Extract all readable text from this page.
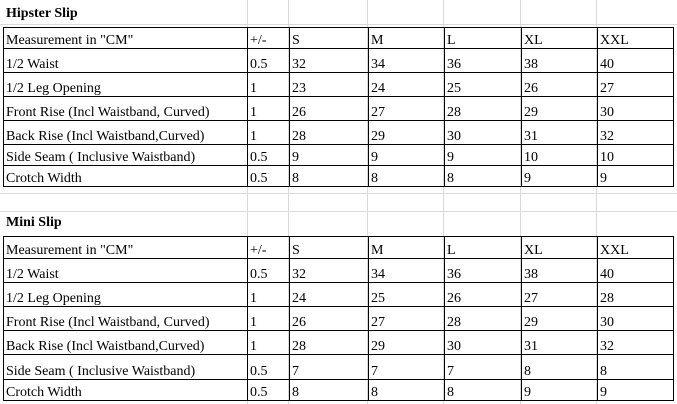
Hipster Slip
Measurement in "CM"	+/-	S	M	L	XL	XXL
1/2 Waist	0.5	32	34	36	38	40
1/2 Leg Opening	1	23	24	25	26	27
Front Rise (Incl Waistband, Curved)	1	26	27	28	29	30
Back Rise (Incl Waistband,Curved)	1	28	29	30	31	32
Side Seam ( Inclusive Waistband)	0.5	9	9	9	10	10
Crotch Width	0.5	8	8	8	9	9
Mini Slip
Measurement in "CM"	+/-	S	M	L	XL	XXL
1/2 Waist	0.5	32	34	36	38	40
1/2 Leg Opening	1	24	25	26	27	28
Front Rise (Incl Waistband, Curved)	1	26	27	28	29	30
Back Rise (Incl Waistband,Curved)	1	28	29	30	31	32
Side Seam ( Inclusive Waistband)	0.5	7	7	7	8	8
Crotch Width	0.5	8	8	8	9	9
